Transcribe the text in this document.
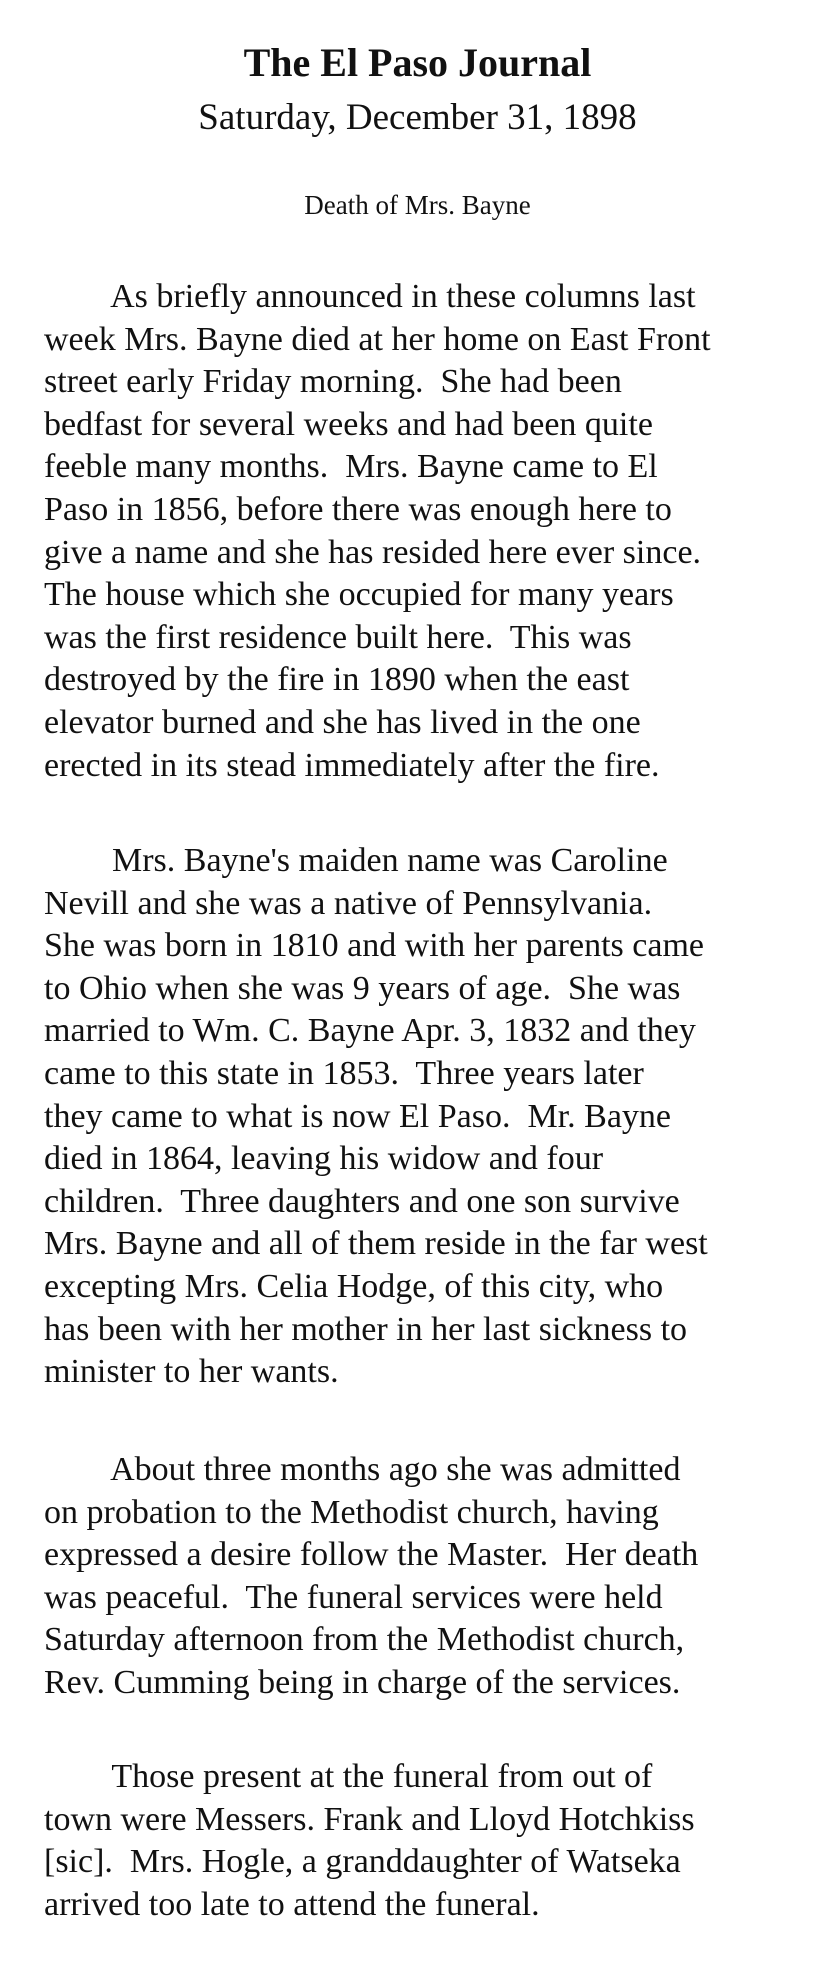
The El Paso Journal
Saturday, December 31, 1898
Death of Mrs. Bayne

As briefly announced in these columns last
week Mrs. Bayne died at her home on East Front
street early Friday morning.  She had been
bedfast for several weeks and had been quite
feeble many months.  Mrs. Bayne came to El
Paso in 1856, before there was enough here to
give a name and she has resided here ever since.
The house which she occupied for many years
was the first residence built here.  This was
destroyed by the fire in 1890 when the east
elevator burned and she has lived in the one
erected in its stead immediately after the fire.

Mrs. Bayne's maiden name was Caroline
Nevill and she was a native of Pennsylvania.
She was born in 1810 and with her parents came
to Ohio when she was 9 years of age.  She was
married to Wm. C. Bayne Apr. 3, 1832 and they
came to this state in 1853.  Three years later
they came to what is now El Paso.  Mr. Bayne
died in 1864, leaving his widow and four
children.  Three daughters and one son survive
Mrs. Bayne and all of them reside in the far west
excepting Mrs. Celia Hodge, of this city, who
has been with her mother in her last sickness to
minister to her wants.

About three months ago she was admitted
on probation to the Methodist church, having
expressed a desire follow the Master.  Her death
was peaceful.  The funeral services were held
Saturday afternoon from the Methodist church,
Rev. Cumming being in charge of the services.

Those present at the funeral from out of
town were Messers. Frank and Lloyd Hotchkiss
[sic].  Mrs. Hogle, a granddaughter of Watseka
arrived too late to attend the funeral.
